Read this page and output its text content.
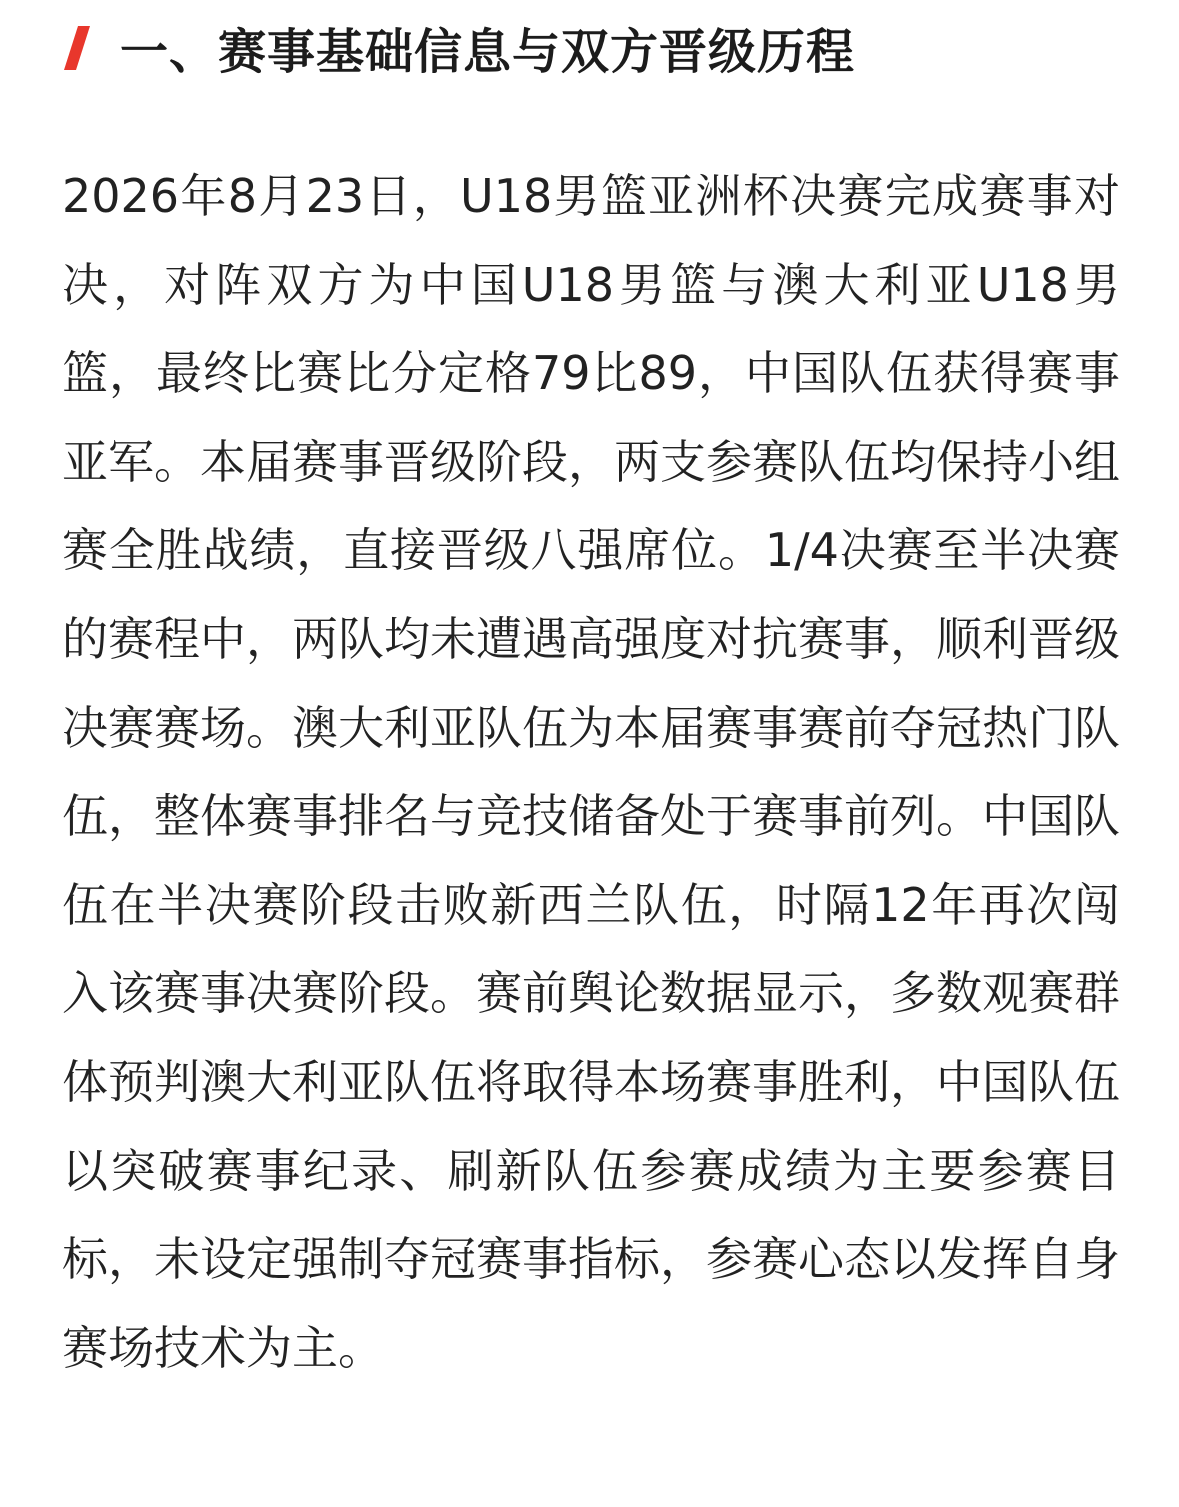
一、赛事基础信息与双方晋级历程

2026年8月23日，U18男篮亚洲杯决赛完成赛事对决，对阵双方为中国U18男篮与澳大利亚U18男篮，最终比赛比分定格79比89，中国队伍获得赛事亚军。本届赛事晋级阶段，两支参赛队伍均保持小组赛全胜战绩，直接晋级八强席位。1/4决赛至半决赛的赛程中，两队均未遭遇高强度对抗赛事，顺利晋级决赛赛场。澳大利亚队伍为本届赛事赛前夺冠热门队伍，整体赛事排名与竞技储备处于赛事前列。中国队伍在半决赛阶段击败新西兰队伍，时隔12年再次闯入该赛事决赛阶段。赛前舆论数据显示，多数观赛群体预判澳大利亚队伍将取得本场赛事胜利，中国队伍以突破赛事纪录、刷新队伍参赛成绩为主要参赛目标，未设定强制夺冠赛事指标，参赛心态以发挥自身赛场技术为主。
